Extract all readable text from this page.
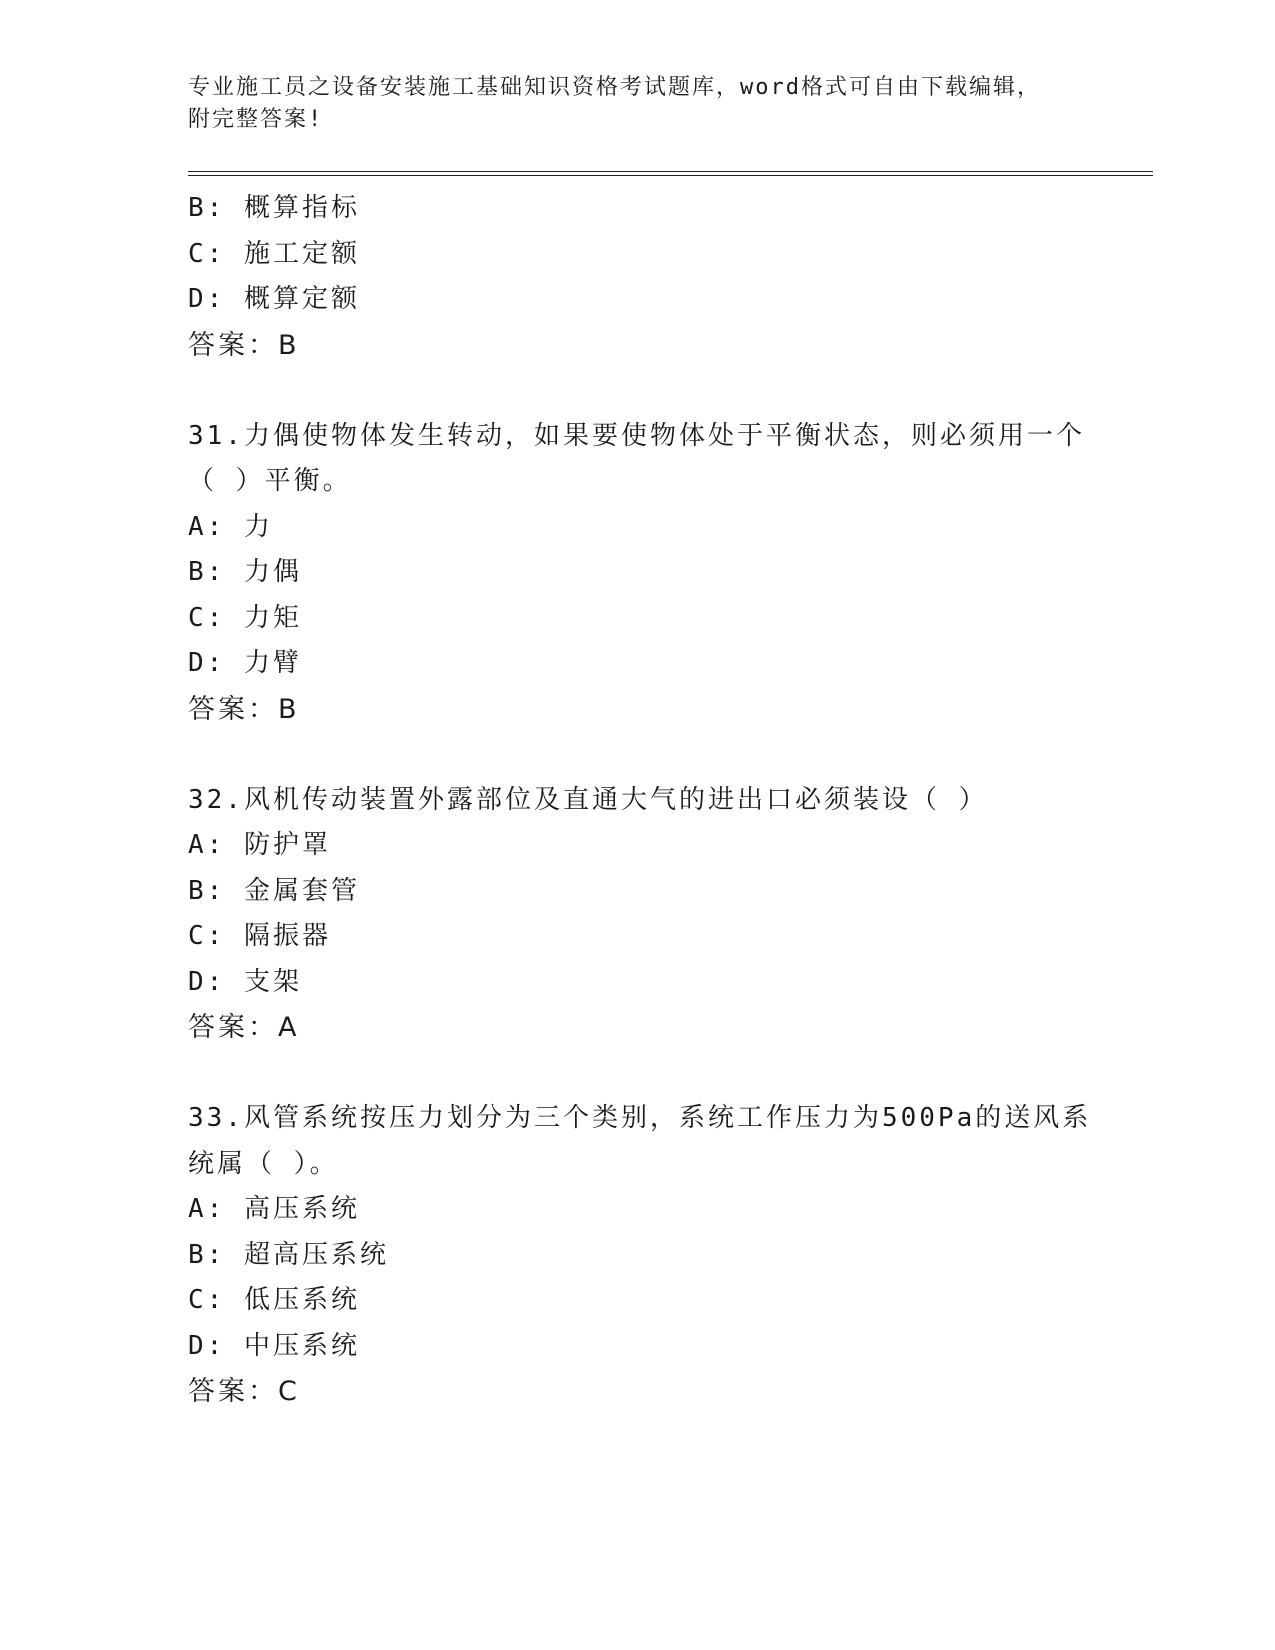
专业施工员之设备安装施工基础知识资格考试题库，word格式可自由下载编辑，
附完整答案!
B: 概算指标
C: 施工定额
D: 概算定额
答案：B
31.力偶使物体发生转动，如果要使物体处于平衡状态，则必须用一个
（ ）平衡。
A: 力
B: 力偶
C: 力矩
D: 力臂
答案：B
32.风机传动装置外露部位及直通大气的进出口必须装设（ ）
A: 防护罩
B: 金属套管
C: 隔振器
D: 支架
答案：A
33.风管系统按压力划分为三个类别，系统工作压力为500Pa的送风系
统属（ ）。
A: 高压系统
B: 超高压系统
C: 低压系统
D: 中压系统
答案：C
